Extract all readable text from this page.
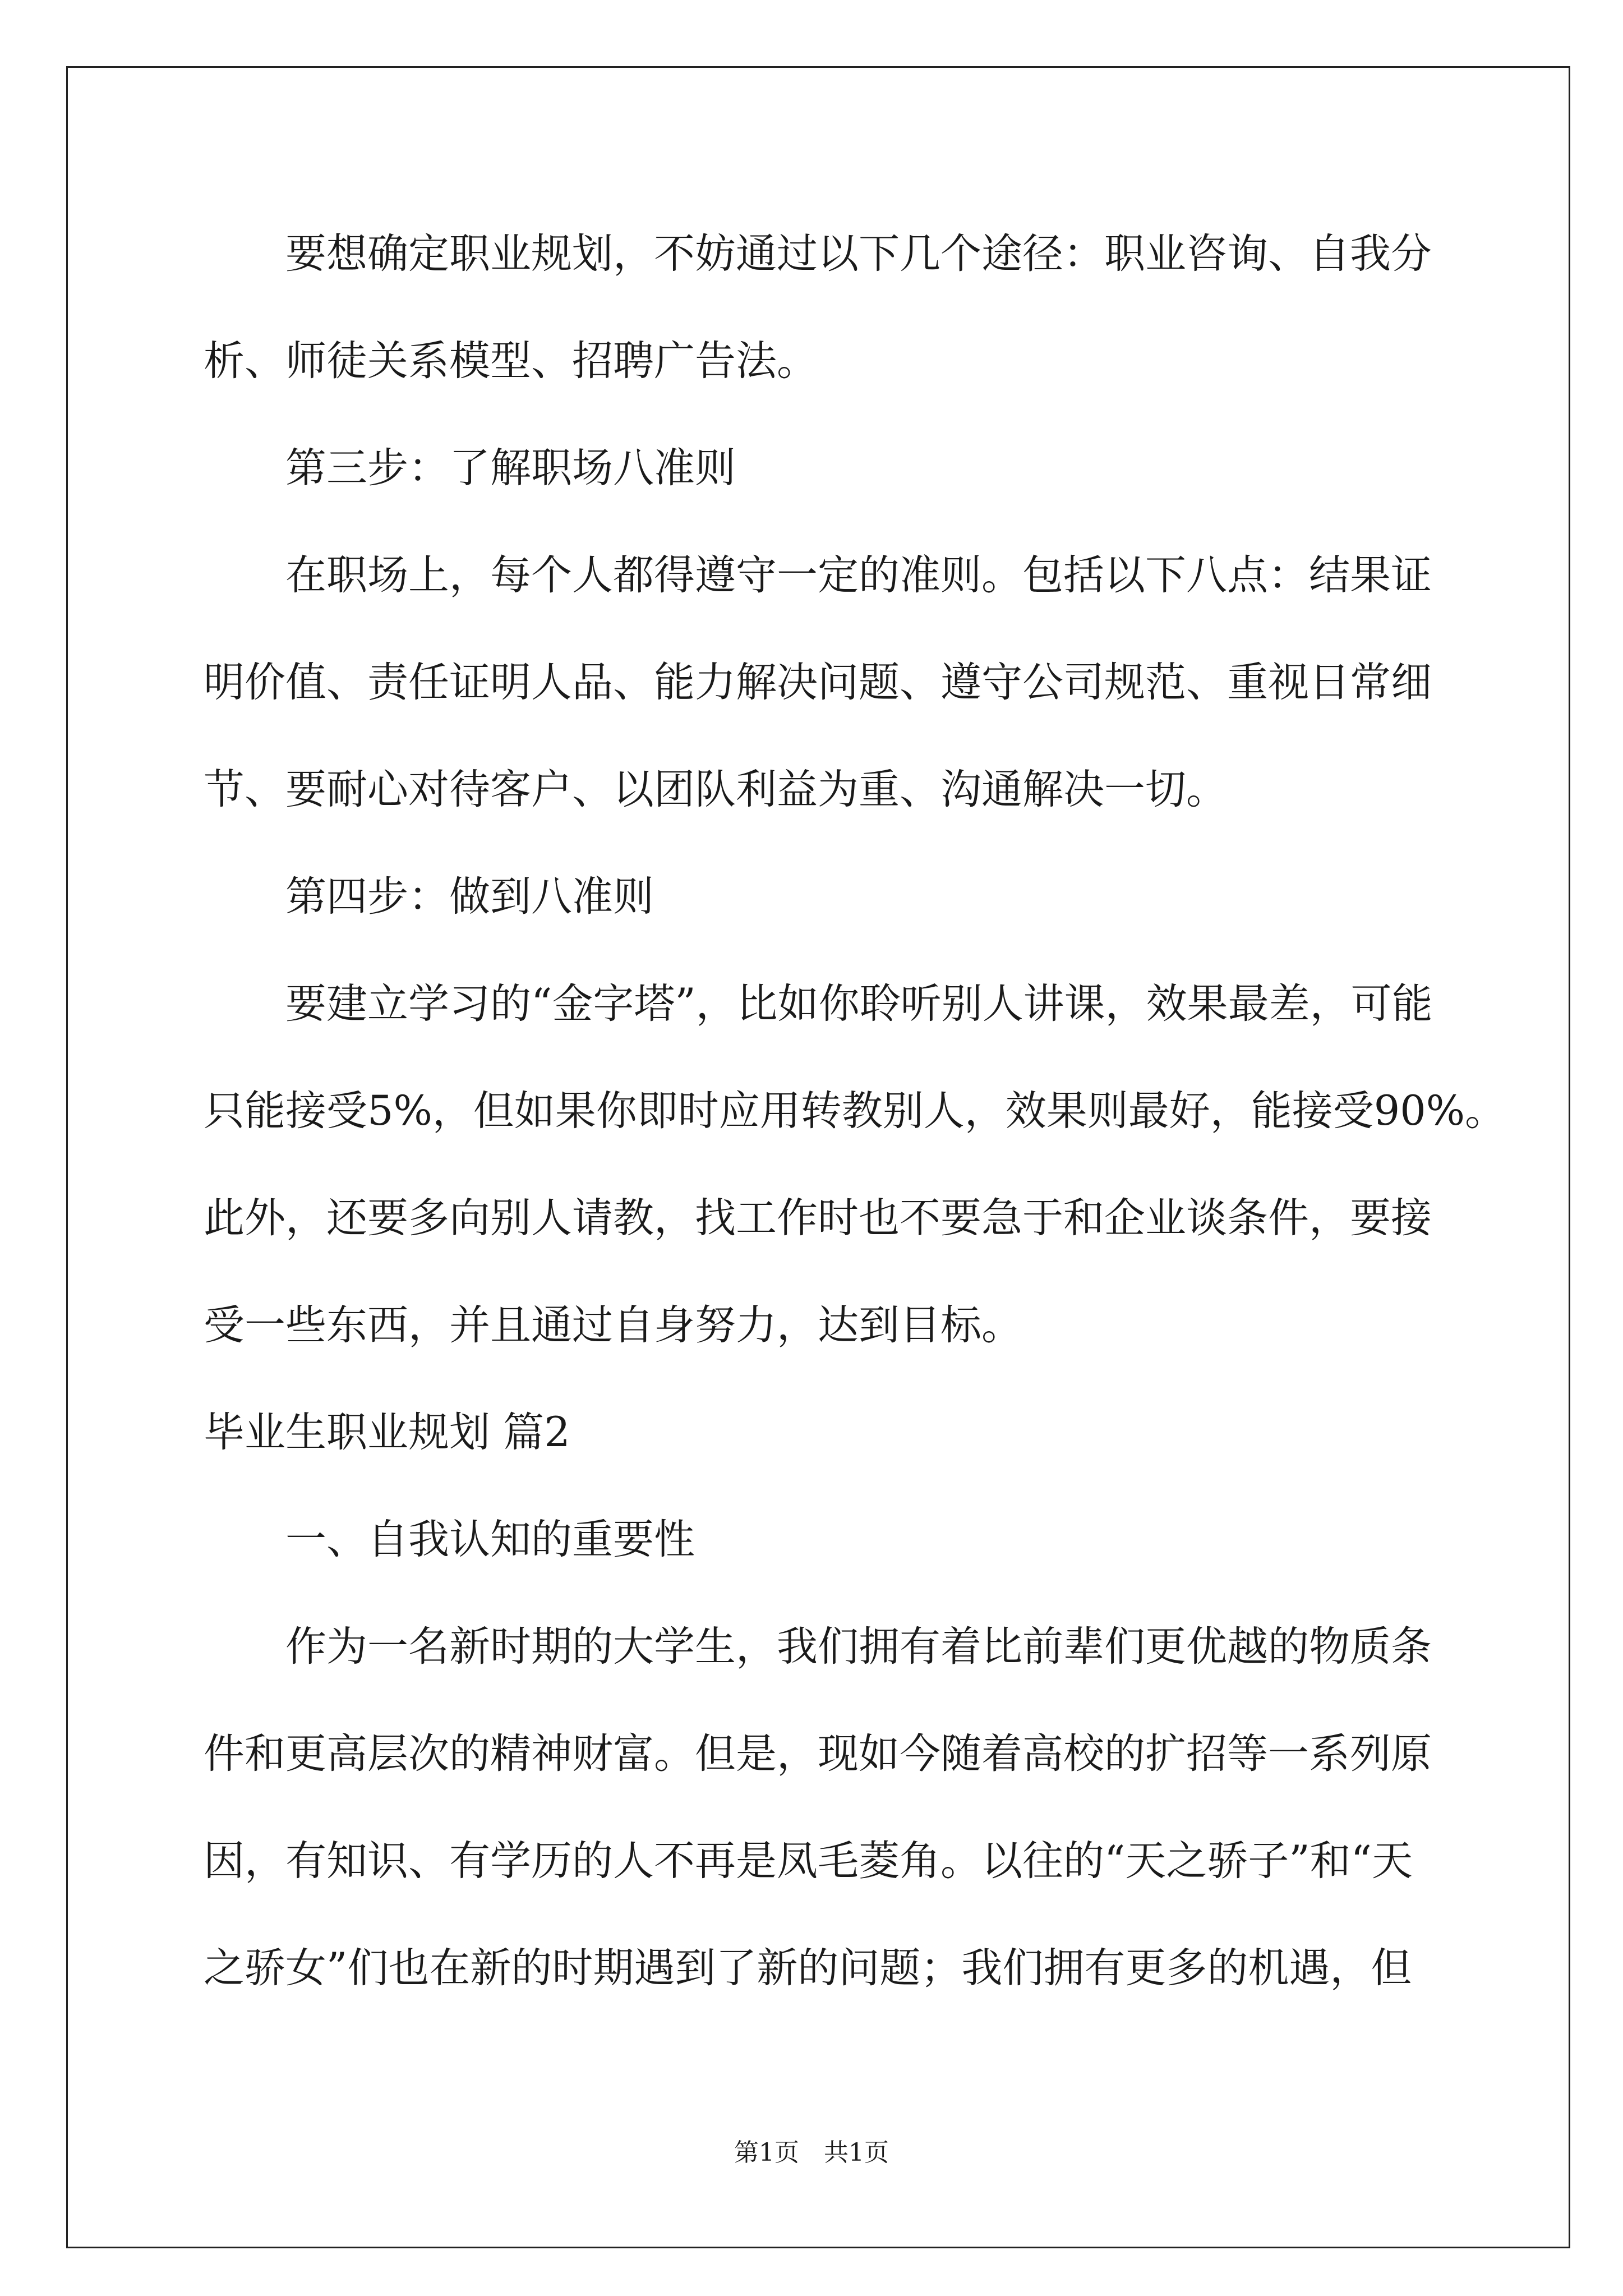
要想确定职业规划，不妨通过以下几个途径：职业咨询、自我分
析、师徒关系模型、招聘广告法。
第三步：了解职场八准则
在职场上，每个人都得遵守一定的准则。包括以下八点：结果证
明价值、责任证明人品、能力解决问题、遵守公司规范、重视日常细
节、要耐心对待客户、以团队利益为重、沟通解决一切。
第四步：做到八准则
要建立学习的“金字塔”，比如你聆听别人讲课，效果最差，可能
只能接受5%，但如果你即时应用转教别人，效果则最好，能接受90%。
此外，还要多向别人请教，找工作时也不要急于和企业谈条件，要接
受一些东西，并且通过自身努力，达到目标。
毕业生职业规划 篇2
一、自我认知的重要性
作为一名新时期的大学生，我们拥有着比前辈们更优越的物质条
件和更高层次的精神财富。但是，现如今随着高校的扩招等一系列原
因，有知识、有学历的人不再是凤毛菱角。以往的“天之骄子”和“天
之骄女”们也在新的时期遇到了新的问题；我们拥有更多的机遇，但
第1页　共1页
